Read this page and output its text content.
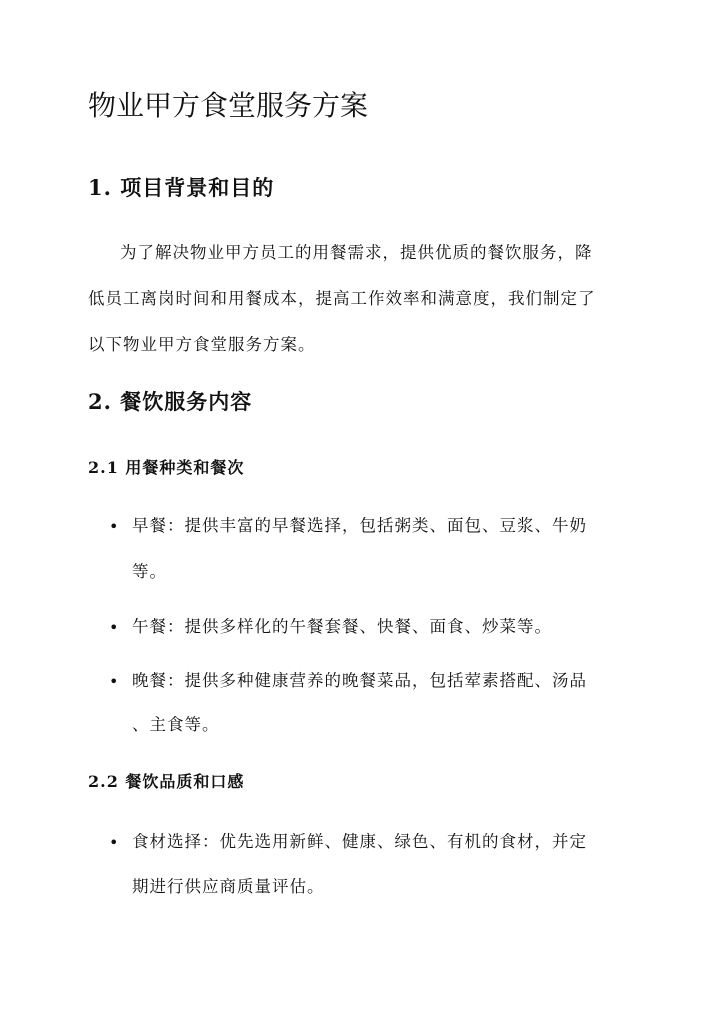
物业甲方食堂服务方案
1. 项目背景和目的
为了解决物业甲方员工的用餐需求，提供优质的餐饮服务，降
低员工离岗时间和用餐成本，提高工作效率和满意度，我们制定了
以下物业甲方食堂服务方案。
2. 餐饮服务内容
2.1 用餐种类和餐次
• 早餐：提供丰富的早餐选择，包括粥类、面包、豆浆、牛奶
等。
• 午餐：提供多样化的午餐套餐、快餐、面食、炒菜等。
• 晚餐：提供多种健康营养的晚餐菜品，包括荤素搭配、汤品
、主食等。
2.2 餐饮品质和口感
• 食材选择：优先选用新鲜、健康、绿色、有机的食材，并定
期进行供应商质量评估。
